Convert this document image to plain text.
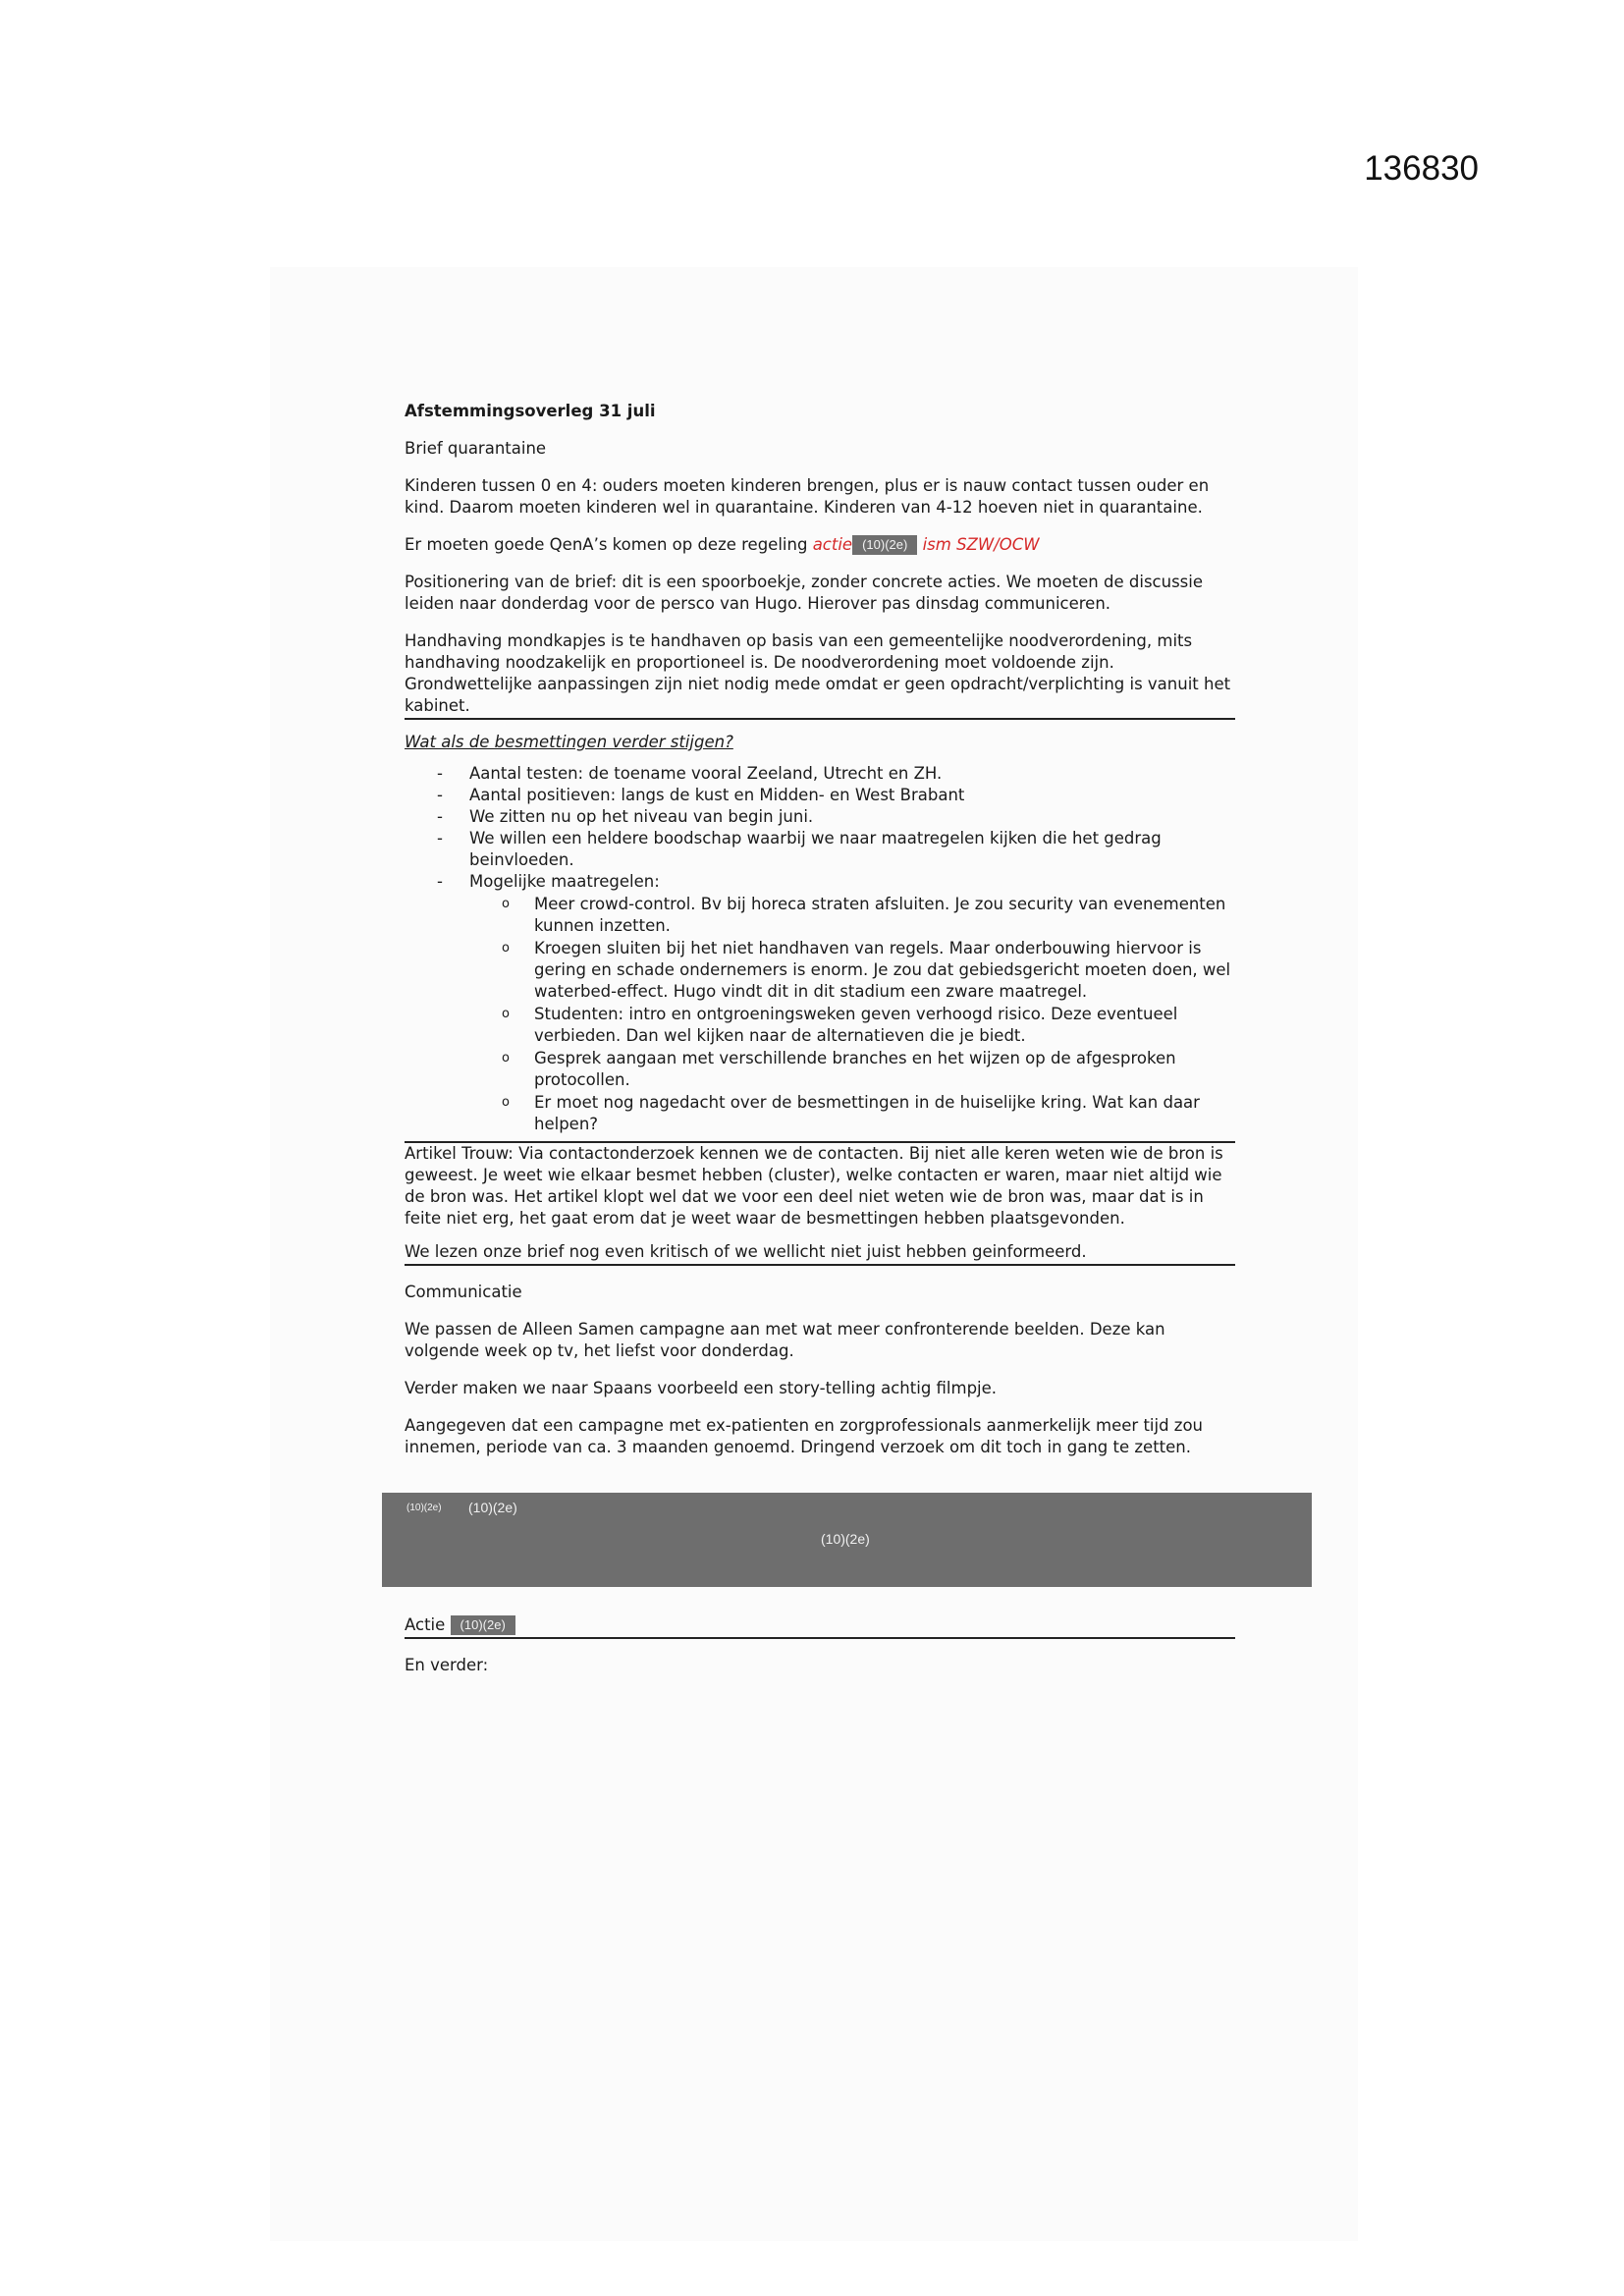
136830

Afstemmingsoverleg 31 juli

Brief quarantaine

Kinderen tussen 0 en 4: ouders moeten kinderen brengen, plus er is nauw contact tussen ouder en kind. Daarom moeten kinderen wel in quarantaine. Kinderen van 4-12 hoeven niet in quarantaine.

Er moeten goede QenA’s komen op deze regeling actie (10)(2e) ism SZW/OCW

Positionering van de brief: dit is een spoorboekje, zonder concrete acties. We moeten de discussie leiden naar donderdag voor de persco van Hugo. Hierover pas dinsdag communiceren.

Handhaving mondkapjes is te handhaven op basis van een gemeentelijke noodverordening, mits handhaving noodzakelijk en proportioneel is. De noodverordening moet voldoende zijn. Grondwettelijke aanpassingen zijn niet nodig mede omdat er geen opdracht/verplichting is vanuit het kabinet.

Wat als de besmettingen verder stijgen?

- Aantal testen: de toename vooral Zeeland, Utrecht en ZH.
- Aantal positieven: langs de kust en Midden- en West Brabant
- We zitten nu op het niveau van begin juni.
- We willen een heldere boodschap waarbij we naar maatregelen kijken die het gedrag beinvloeden.
- Mogelijke maatregelen:
o Meer crowd-control. Bv bij horeca straten afsluiten. Je zou security van evenementen kunnen inzetten.
o Kroegen sluiten bij het niet handhaven van regels. Maar onderbouwing hiervoor is gering en schade ondernemers is enorm. Je zou dat gebiedsgericht moeten doen, wel waterbed-effect. Hugo vindt dit in dit stadium een zware maatregel.
o Studenten: intro en ontgroeningsweken geven verhoogd risico. Deze eventueel verbieden. Dan wel kijken naar de alternatieven die je biedt.
o Gesprek aangaan met verschillende branches en het wijzen op de afgesproken protocollen.
o Er moet nog nagedacht over de besmettingen in de huiselijke kring. Wat kan daar helpen?

Artikel Trouw: Via contactonderzoek kennen we de contacten. Bij niet alle keren weten wie de bron is geweest. Je weet wie elkaar besmet hebben (cluster), welke contacten er waren, maar niet altijd wie de bron was. Het artikel klopt wel dat we voor een deel niet weten wie de bron was, maar dat is in feite niet erg, het gaat erom dat je weet waar de besmettingen hebben plaatsgevonden.

We lezen onze brief nog even kritisch of we wellicht niet juist hebben geinformeerd.

Communicatie

We passen de Alleen Samen campagne aan met wat meer confronterende beelden. Deze kan volgende week op tv, het liefst voor donderdag.

Verder maken we naar Spaans voorbeeld een story-telling achtig filmpje.

Aangegeven dat een campagne met ex-patienten en zorgprofessionals aanmerkelijk meer tijd zou innemen, periode van ca. 3 maanden genoemd. Dringend verzoek om dit toch in gang te zetten.

(10)(2e) (10)(2e)
(10)(2e)

Actie (10)(2e)

En verder:
